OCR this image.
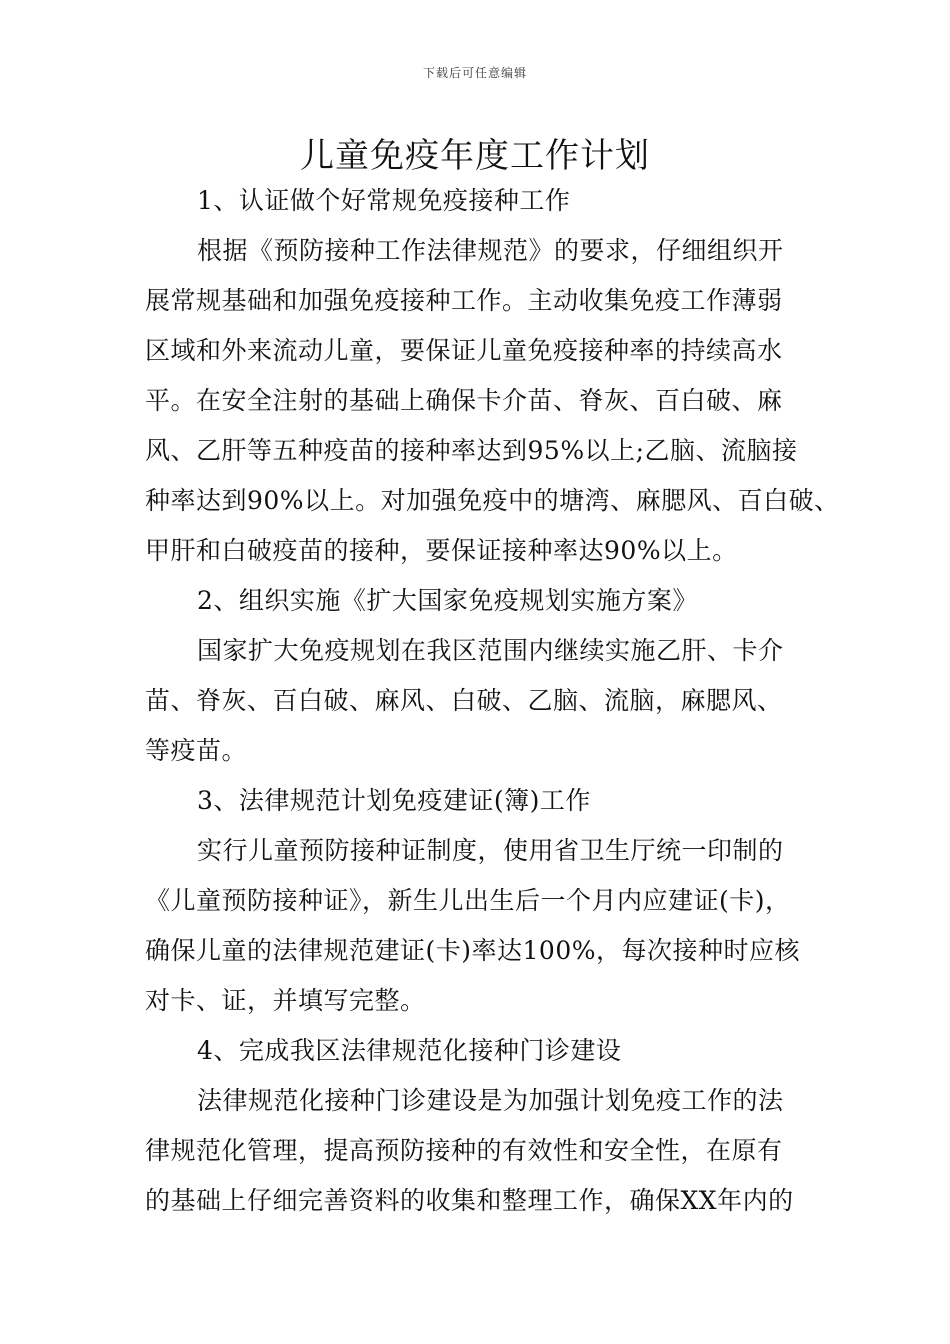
下载后可任意编辑
儿童免疫年度工作计划
1、认证做个好常规免疫接种工作
根据《预防接种工作法律规范》的要求，仔细组织开
展常规基础和加强免疫接种工作。主动收集免疫工作薄弱
区域和外来流动儿童，要保证儿童免疫接种率的持续高水
平。在安全注射的基础上确保卡介苗、脊灰、百白破、麻
风、乙肝等五种疫苗的接种率达到95%以上;乙脑、流脑接
种率达到90%以上。对加强免疫中的塘湾、麻腮风、百白破、
甲肝和白破疫苗的接种，要保证接种率达90%以上。
2、组织实施《扩大国家免疫规划实施方案》
国家扩大免疫规划在我区范围内继续实施乙肝、卡介
苗、脊灰、百白破、麻风、白破、乙脑、流脑，麻腮风、
等疫苗。
3、法律规范计划免疫建证(簿)工作
实行儿童预防接种证制度，使用省卫生厅统一印制的
《儿童预防接种证》，新生儿出生后一个月内应建证(卡)，
确保儿童的法律规范建证(卡)率达100%，每次接种时应核
对卡、证，并填写完整。
4、完成我区法律规范化接种门诊建设
法律规范化接种门诊建设是为加强计划免疫工作的法
律规范化管理，提高预防接种的有效性和安全性，在原有
的基础上仔细完善资料的收集和整理工作，确保XX年内的
